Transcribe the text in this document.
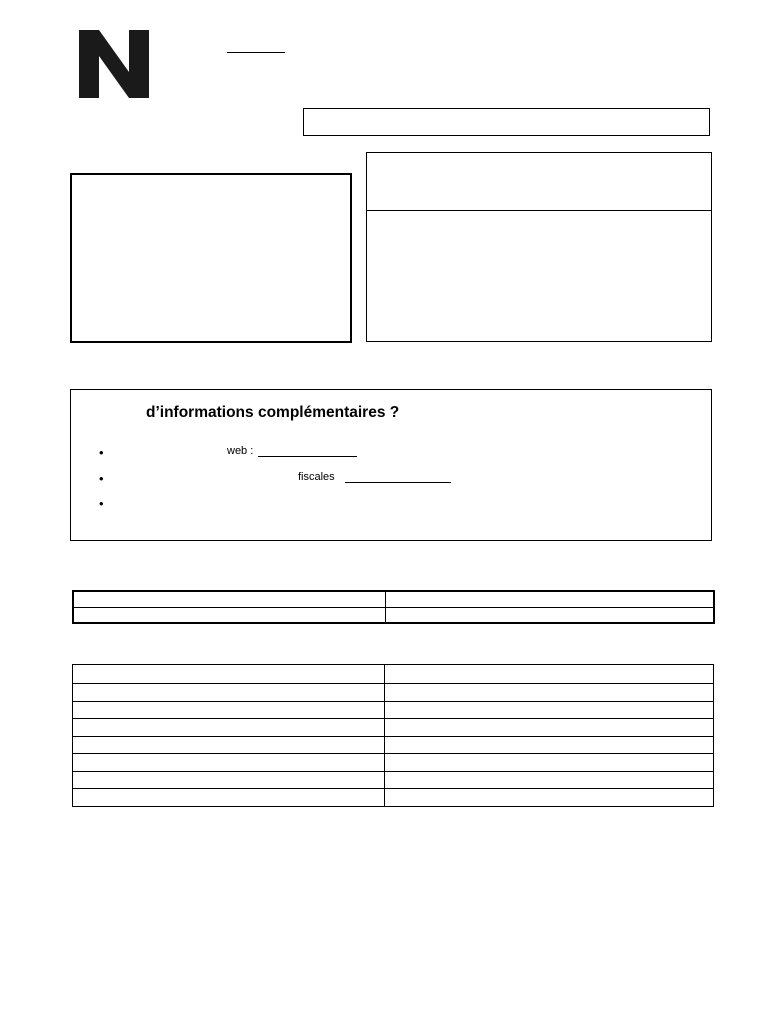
d’informations complémentaires ?
•	web :
•	fiscales
•
